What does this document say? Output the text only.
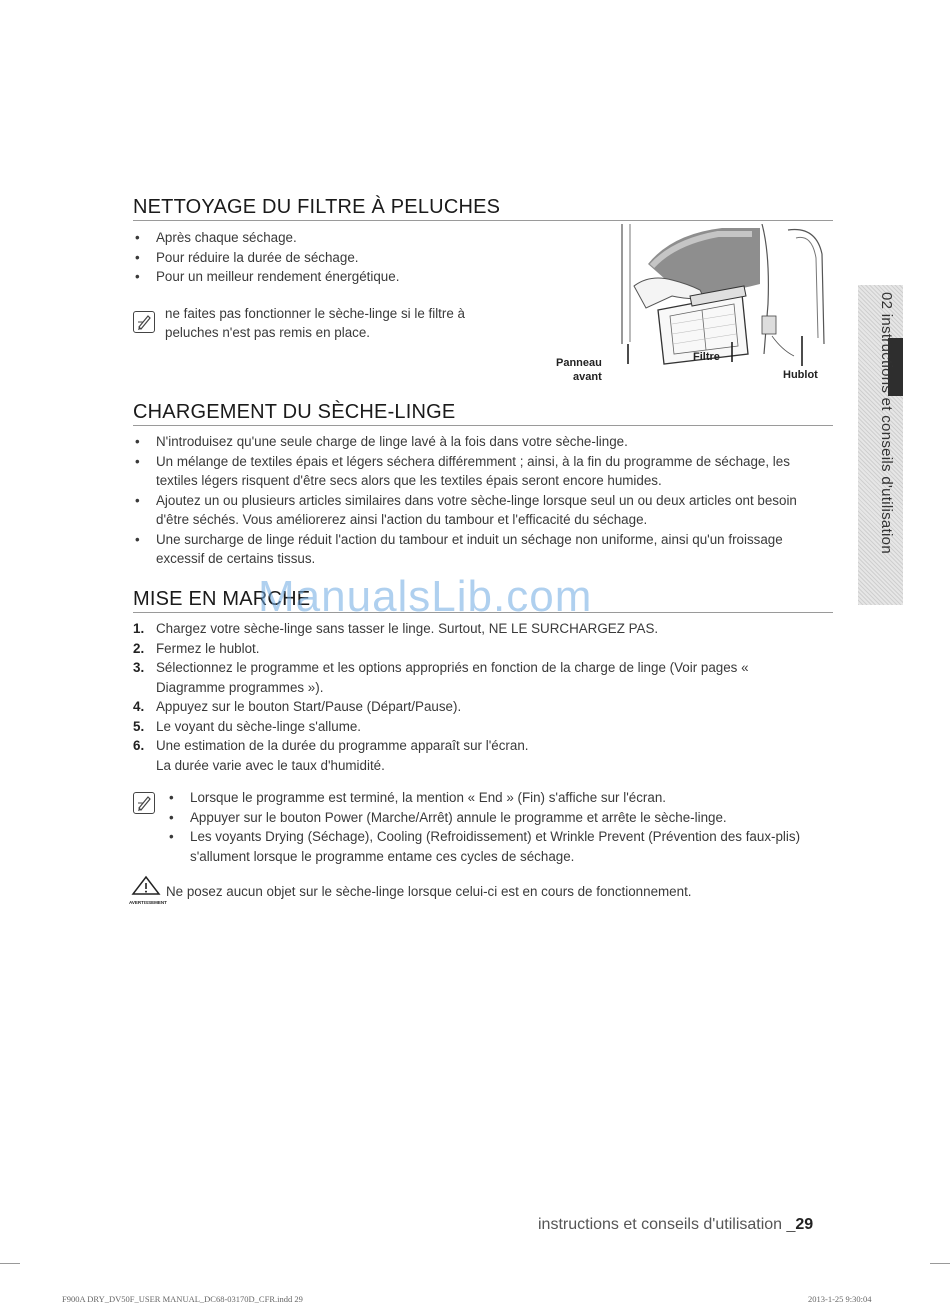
NETTOYAGE DU FILTRE À PELUCHES
• Après chaque séchage.
• Pour réduire la durée de séchage.
• Pour un meilleur rendement énergétique.
ne faites pas fonctionner le sèche-linge si le filtre à peluches n'est pas remis en place.
Panneau
avant
Filtre
Hublot
CHARGEMENT DU SÈCHE-LINGE
• N'introduisez qu'une seule charge de linge lavé à la fois dans votre sèche-linge.
• Un mélange de textiles épais et légers séchera différemment ; ainsi, à la fin du programme de séchage, les textiles légers risquent d'être secs alors que les textiles épais seront encore humides.
• Ajoutez un ou plusieurs articles similaires dans votre sèche-linge lorsque seul un ou deux articles ont besoin d'être séchés. Vous améliorerez ainsi l'action du tambour et l'efficacité du séchage.
• Une surcharge de linge réduit l'action du tambour et induit un séchage non uniforme, ainsi qu'un froissage excessif de certains tissus.
MISE EN MARCHE
1. Chargez votre sèche-linge sans tasser le linge. Surtout, NE LE SURCHARGEZ PAS.
2. Fermez le hublot.
3. Sélectionnez le programme et les options appropriés en fonction de la charge de linge (Voir pages « Diagramme programmes »).
4. Appuyez sur le bouton Start/Pause (Départ/Pause).
5. Le voyant du sèche-linge s'allume.
6. Une estimation de la durée du programme apparaît sur l'écran.
La durée varie avec le taux d'humidité.
• Lorsque le programme est terminé, la mention « End » (Fin) s'affiche sur l'écran.
• Appuyer sur le bouton Power (Marche/Arrêt) annule le programme et arrête le sèche-linge.
• Les voyants Drying (Séchage), Cooling (Refroidissement) et Wrinkle Prevent (Prévention des faux-plis) s'allument lorsque le programme entame ces cycles de séchage.
AVERTISSEMENT
Ne posez aucun objet sur le sèche-linge lorsque celui-ci est en cours de fonctionnement.
ManualsLib.com
02 instructions et conseils d'utilisation
instructions et conseils d'utilisation _29
F900A DRY_DV50F_USER MANUAL_DC68-03170D_CFR.indd 29	2013-1-25 9:30:04
